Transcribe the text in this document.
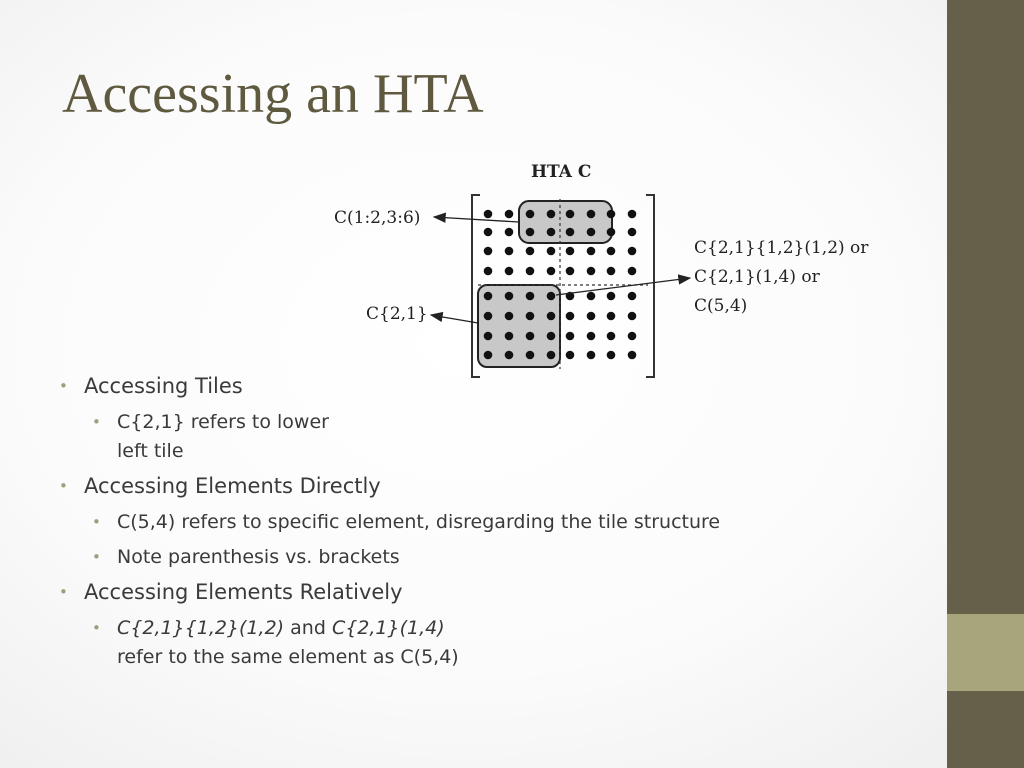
Accessing an HTA
HTA C
C(1:2,3:6)
C{2,1}
C{2,1}{1,2}(1,2) or
C{2,1}(1,4) or
C(5,4)
• Accessing Tiles
• C{2,1} refers to lower
left tile
• Accessing Elements Directly
• C(5,4) refers to specific element, disregarding the tile structure
• Note parenthesis vs. brackets
• Accessing Elements Relatively
• C{2,1}{1,2}(1,2) and C{2,1}(1,4)
refer to the same element as C(5,4)
